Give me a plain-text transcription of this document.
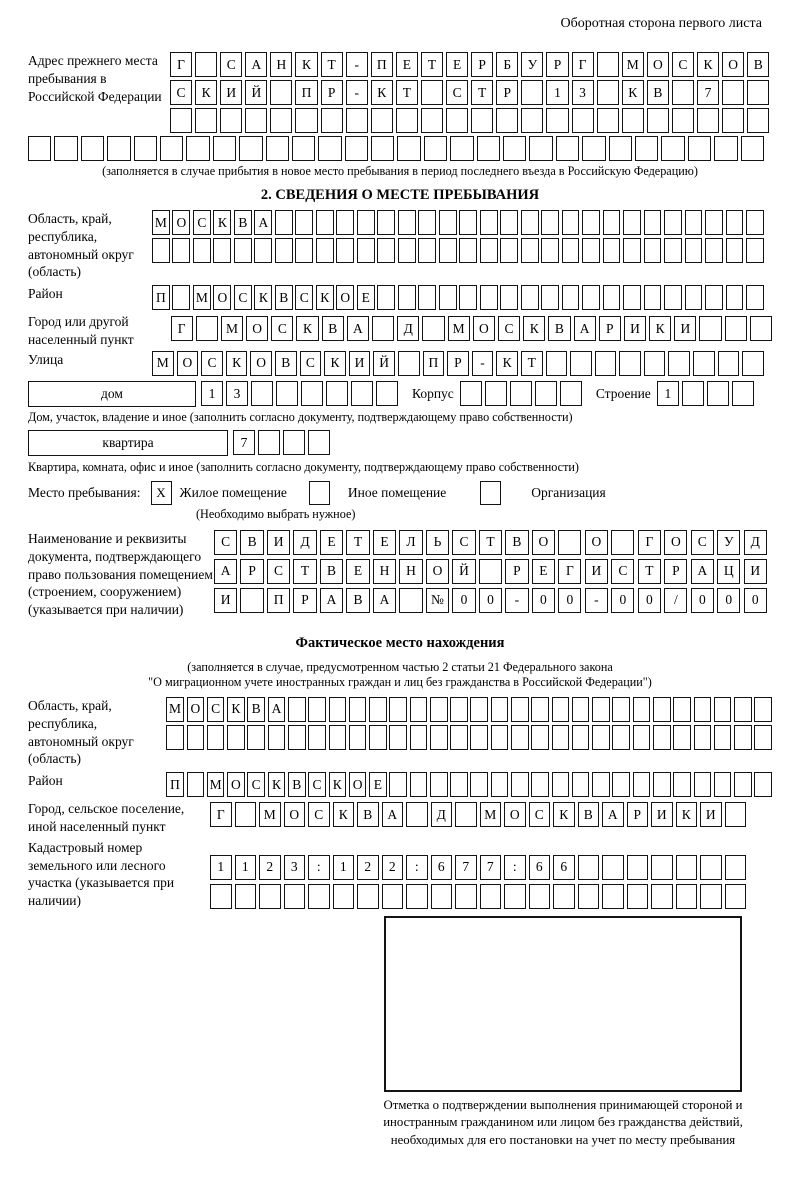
Оборотная сторона первого листа
Адрес прежнего места пребывания в Российской Федерации
Г	С	А	Н	К	Т	-	П	Е	Т	Е	Р	Б	У	Р	Г	М	О	С	К	О	В
С	К	И	Й	П	Р	-	К	Т	С	Т	Р	1	3	К	В	7
(заполняется в случае прибытия в новое место пребывания в период последнего въезда в Российскую Федерацию)
2. СВЕДЕНИЯ О МЕСТЕ ПРЕБЫВАНИЯ
Область, край, республика, автономный округ (область)
М О С К В А
Район	П М О С К В С К О Е
Город или другой населенный пункт
Г	М	О	С	К	В	А	Д	М	О	С	К	В	А	Р	И	К	И
Улица	М	О	С	К	О	В	С	К	И	Й	П	Р	-	К	Т
дом	1	3	Корпус	Строение	1
Дом, участок, владение и иное (заполнить согласно документу, подтверждающему право собственности)
квартира	7
Квартира, комната, офис и иное (заполнить согласно документу, подтверждающему право собственности)
Место пребывания:	X	Жилое помещение	Иное помещение	Организация
(Необходимо выбрать нужное)
Наименование и реквизиты документа, подтверждающего право пользования помещением (строением, сооружением) (указывается при наличии)
С	В	И	Д	Е	Т	Е	Л	Ь	С	Т	В	О	О	Г	О	С	У	Д
А	Р	С	Т	В	Е	Н	Н	О	Й	Р	Е	Г	И	С	Т	Р	А	Ц	И
И	П	Р	А	В	А	№	0	0	-	0	0	-	0	0	/	0	0	0
Фактическое место нахождения
(заполняется в случае, предусмотренном частью 2 статьи 21 Федерального закона
"О миграционном учете иностранных граждан и лиц без гражданства в Российской Федерации")
Область, край, республика, автономный округ (область)
М О С К В А
Район	П М О С К В С К О Е
Город, сельское поселение, иной населенный пункт
Г	М	О	С	К	В	А	Д	М	О	С	К	В	А	Р	И	К	И
Кадастровый номер земельного или лесного участка (указывается при наличии)
1	1	2	3	:	1	2	2	:	6	7	7	:	6	6
Отметка о подтверждении выполнения принимающей стороной и иностранным гражданином или лицом без гражданства действий, необходимых для его постановки на учет по месту пребывания
